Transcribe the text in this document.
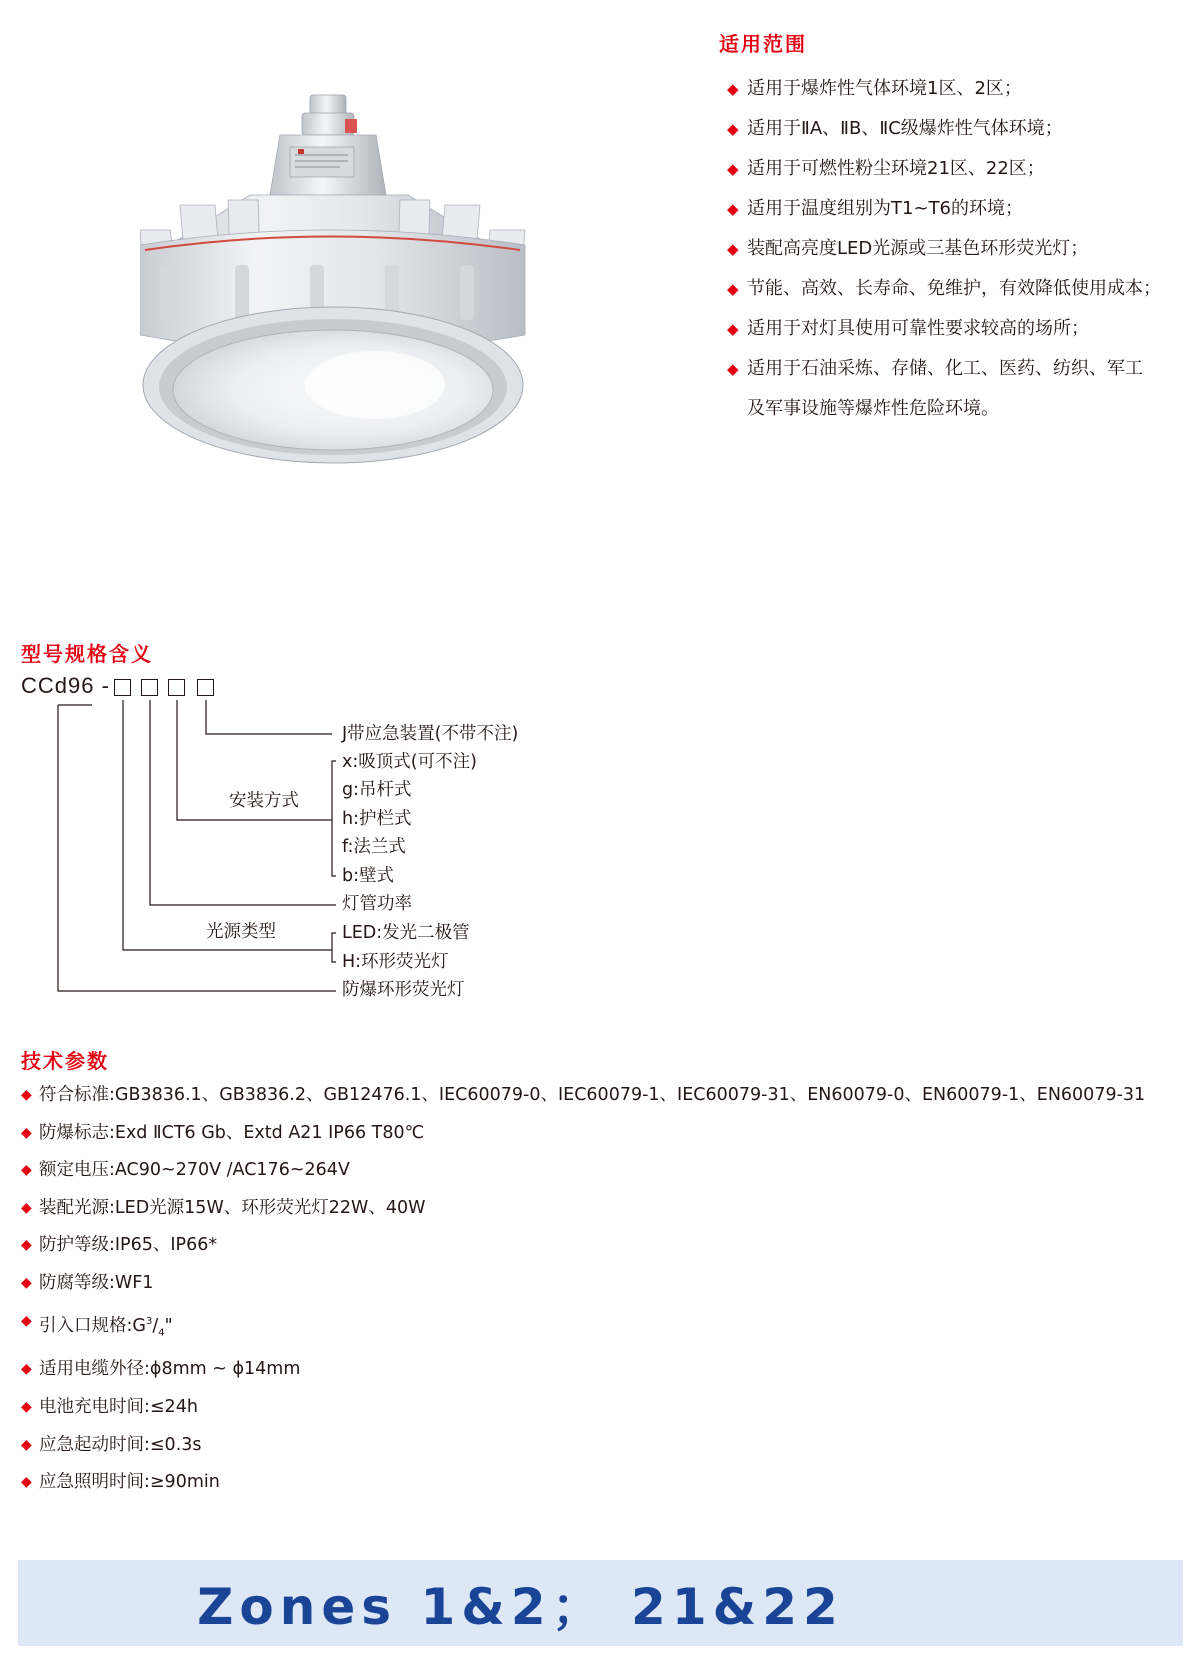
适用范围
◆ 适用于爆炸性气体环境1区、2区；
◆ 适用于ⅡA、ⅡB、ⅡC级爆炸性气体环境；
◆ 适用于可燃性粉尘环境21区、22区；
◆ 适用于温度组别为T1~T6的环境；
◆ 装配高亮度LED光源或三基色环形荧光灯；
◆ 节能、高效、长寿命、免维护，有效降低使用成本；
◆ 适用于对灯具使用可靠性要求较高的场所；
◆ 适用于石油采炼、存储、化工、医药、纺织、军工
及军事设施等爆炸性危险环境。
型号规格含义
CCd96 -
J带应急装置(不带不注)
x:吸顶式(可不注)
安装方式
g:吊杆式
h:护栏式
f:法兰式
b:壁式
灯管功率
光源类型	LED:发光二极管
H:环形荧光灯
防爆环形荧光灯
技术参数
◆ 符合标准:GB3836.1、GB3836.2、GB12476.1、IEC60079-0、IEC60079-1、IEC60079-31、EN60079-0、EN60079-1、EN60079-31
◆ 防爆标志:Exd ⅡCT6 Gb、Extd A21 IP66 T80℃
◆ 额定电压:AC90~270V /AC176~264V
◆ 装配光源:LED光源15W、环形荧光灯22W、40W
◆ 防护等级:IP65、IP66*
◆ 防腐等级:WF1
◆ 引入口规格$:G^3/_4$"
◆ 适用电缆外径:ϕ8mm ~ ϕ14mm
◆ 电池充电时间:≤24h
◆ 应急起动时间:≤0.3s
◆ 应急照明时间:≥90min
Zones 1&2； 21&22
